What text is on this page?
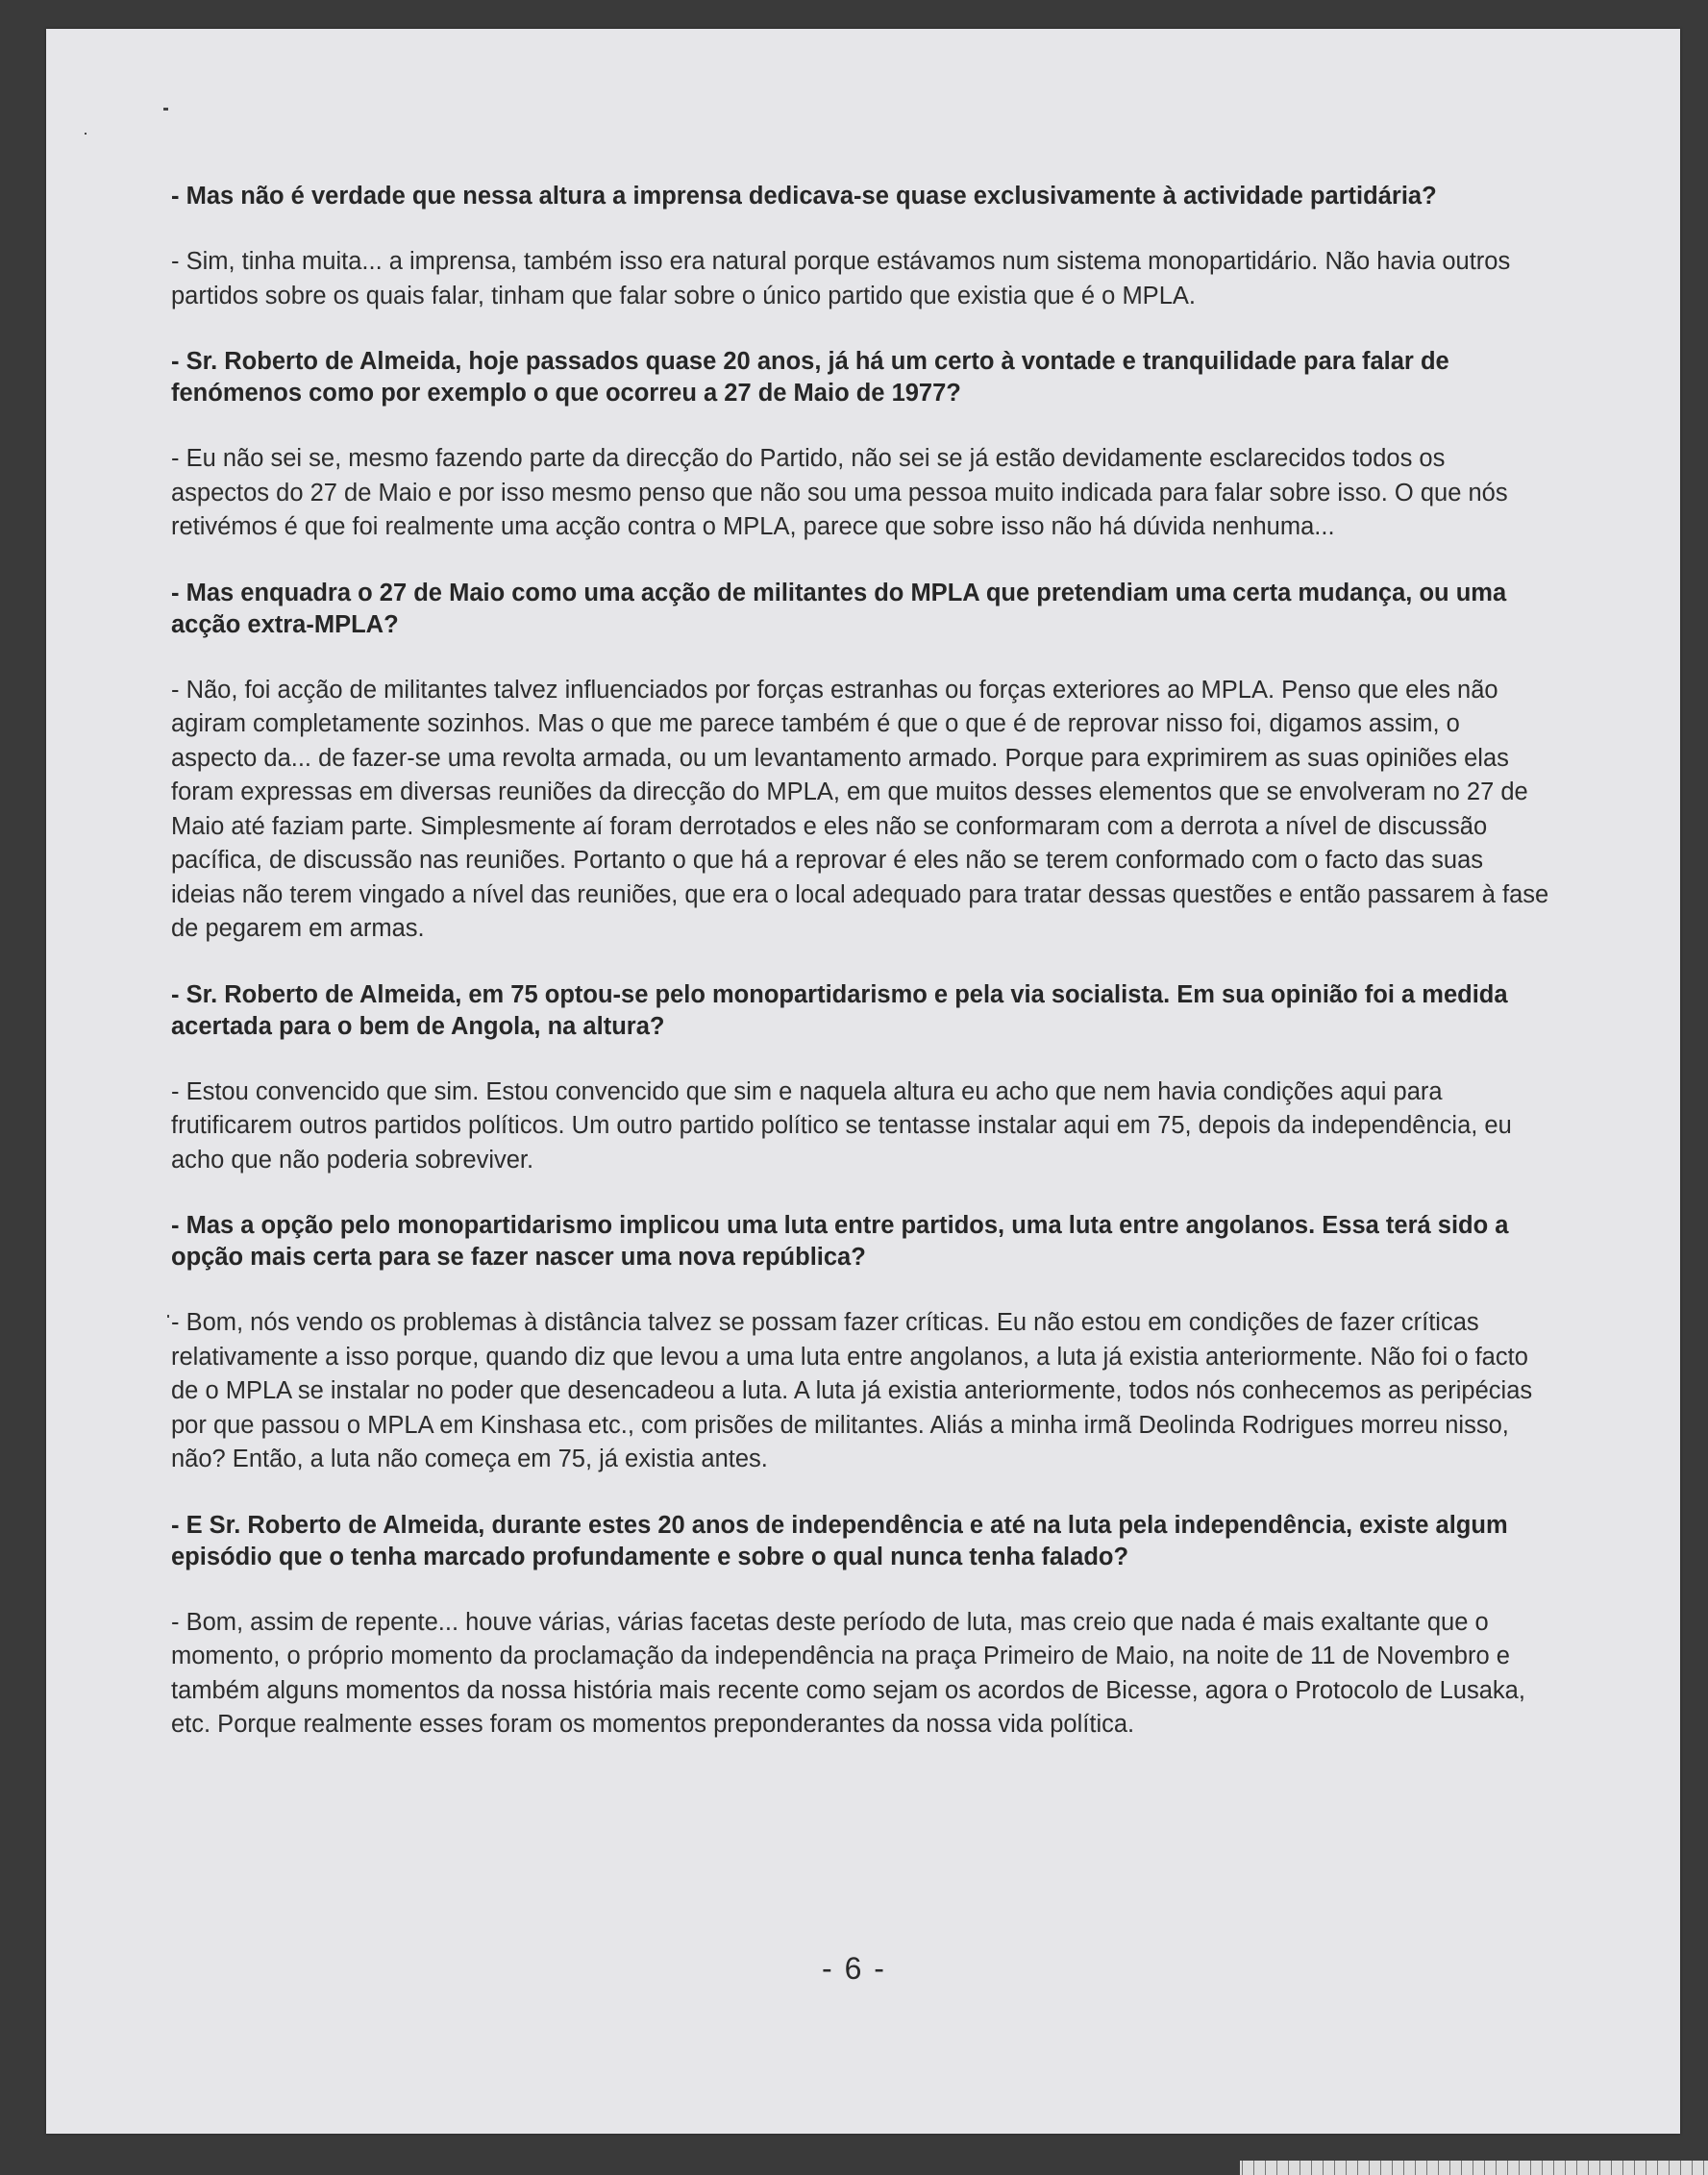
- Mas não é verdade que nessa altura a imprensa dedicava-se quase exclusivamente à actividade partidária?

- Sim, tinha muita... a imprensa, também isso era natural porque estávamos num sistema monopartidário. Não havia outros partidos sobre os quais falar, tinham que falar sobre o único partido que existia que é o MPLA.

- Sr. Roberto de Almeida, hoje passados quase 20 anos, já há um certo à vontade e tranquilidade para falar de fenómenos como por exemplo o que ocorreu a 27 de Maio de 1977?

- Eu não sei se, mesmo fazendo parte da direcção do Partido, não sei se já estão devidamente esclarecidos todos os aspectos do 27 de Maio e por isso mesmo penso que não sou uma pessoa muito indicada para falar sobre isso. O que nós retivémos é que foi realmente uma acção contra o MPLA, parece que sobre isso não há dúvida nenhuma...

- Mas enquadra o 27 de Maio como uma acção de militantes do MPLA que pretendiam uma certa mudança, ou uma acção extra-MPLA?

- Não, foi acção de militantes talvez influenciados por forças estranhas ou forças exteriores ao MPLA. Penso que eles não agiram completamente sozinhos. Mas o que me parece também é que o que é de reprovar nisso foi, digamos assim, o aspecto da... de fazer-se uma revolta armada, ou um levantamento armado. Porque para exprimirem as suas opiniões elas foram expressas em diversas reuniões da direcção do MPLA, em que muitos desses elementos que se envolveram no 27 de Maio até faziam parte. Simplesmente aí foram derrotados e eles não se conformaram com a derrota a nível de discussão pacífica, de discussão nas reuniões. Portanto o que há a reprovar é eles não se terem conformado com o facto das suas ideias não terem vingado a nível das reuniões, que era o local adequado para tratar dessas questões e então passarem à fase de pegarem em armas.

- Sr. Roberto de Almeida, em 75 optou-se pelo monopartidarismo e pela via socialista. Em sua opinião foi a medida acertada para o bem de Angola, na altura?

- Estou convencido que sim. Estou convencido que sim e naquela altura eu acho que nem havia condições aqui para frutificarem outros partidos políticos. Um outro partido político se tentasse instalar aqui em 75, depois da independência, eu acho que não poderia sobreviver.

- Mas a opção pelo monopartidarismo implicou uma luta entre partidos, uma luta entre angolanos. Essa terá sido a opção mais certa para se fazer nascer uma nova república?

- Bom, nós vendo os problemas à distância talvez se possam fazer críticas. Eu não estou em condições de fazer críticas relativamente a isso porque, quando diz que levou a uma luta entre angolanos, a luta já existia anteriormente. Não foi o facto de o MPLA se instalar no poder que desencadeou a luta. A luta já existia anteriormente, todos nós conhecemos as peripécias por que passou o MPLA em Kinshasa etc., com prisões de militantes. Aliás a minha irmã Deolinda Rodrigues morreu nisso, não? Então, a luta não começa em 75, já existia antes.

- E Sr. Roberto de Almeida, durante estes 20 anos de independência e até na luta pela independência, existe algum episódio que o tenha marcado profundamente e sobre o qual nunca tenha falado?

- Bom, assim de repente... houve várias, várias facetas deste período de luta, mas creio que nada é mais exaltante que o momento, o próprio momento da proclamação da independência na praça Primeiro de Maio, na noite de 11 de Novembro e também alguns momentos da nossa história mais recente como sejam os acordos de Bicesse, agora o Protocolo de Lusaka, etc. Porque realmente esses foram os momentos preponderantes da nossa vida política.

- 6 -
